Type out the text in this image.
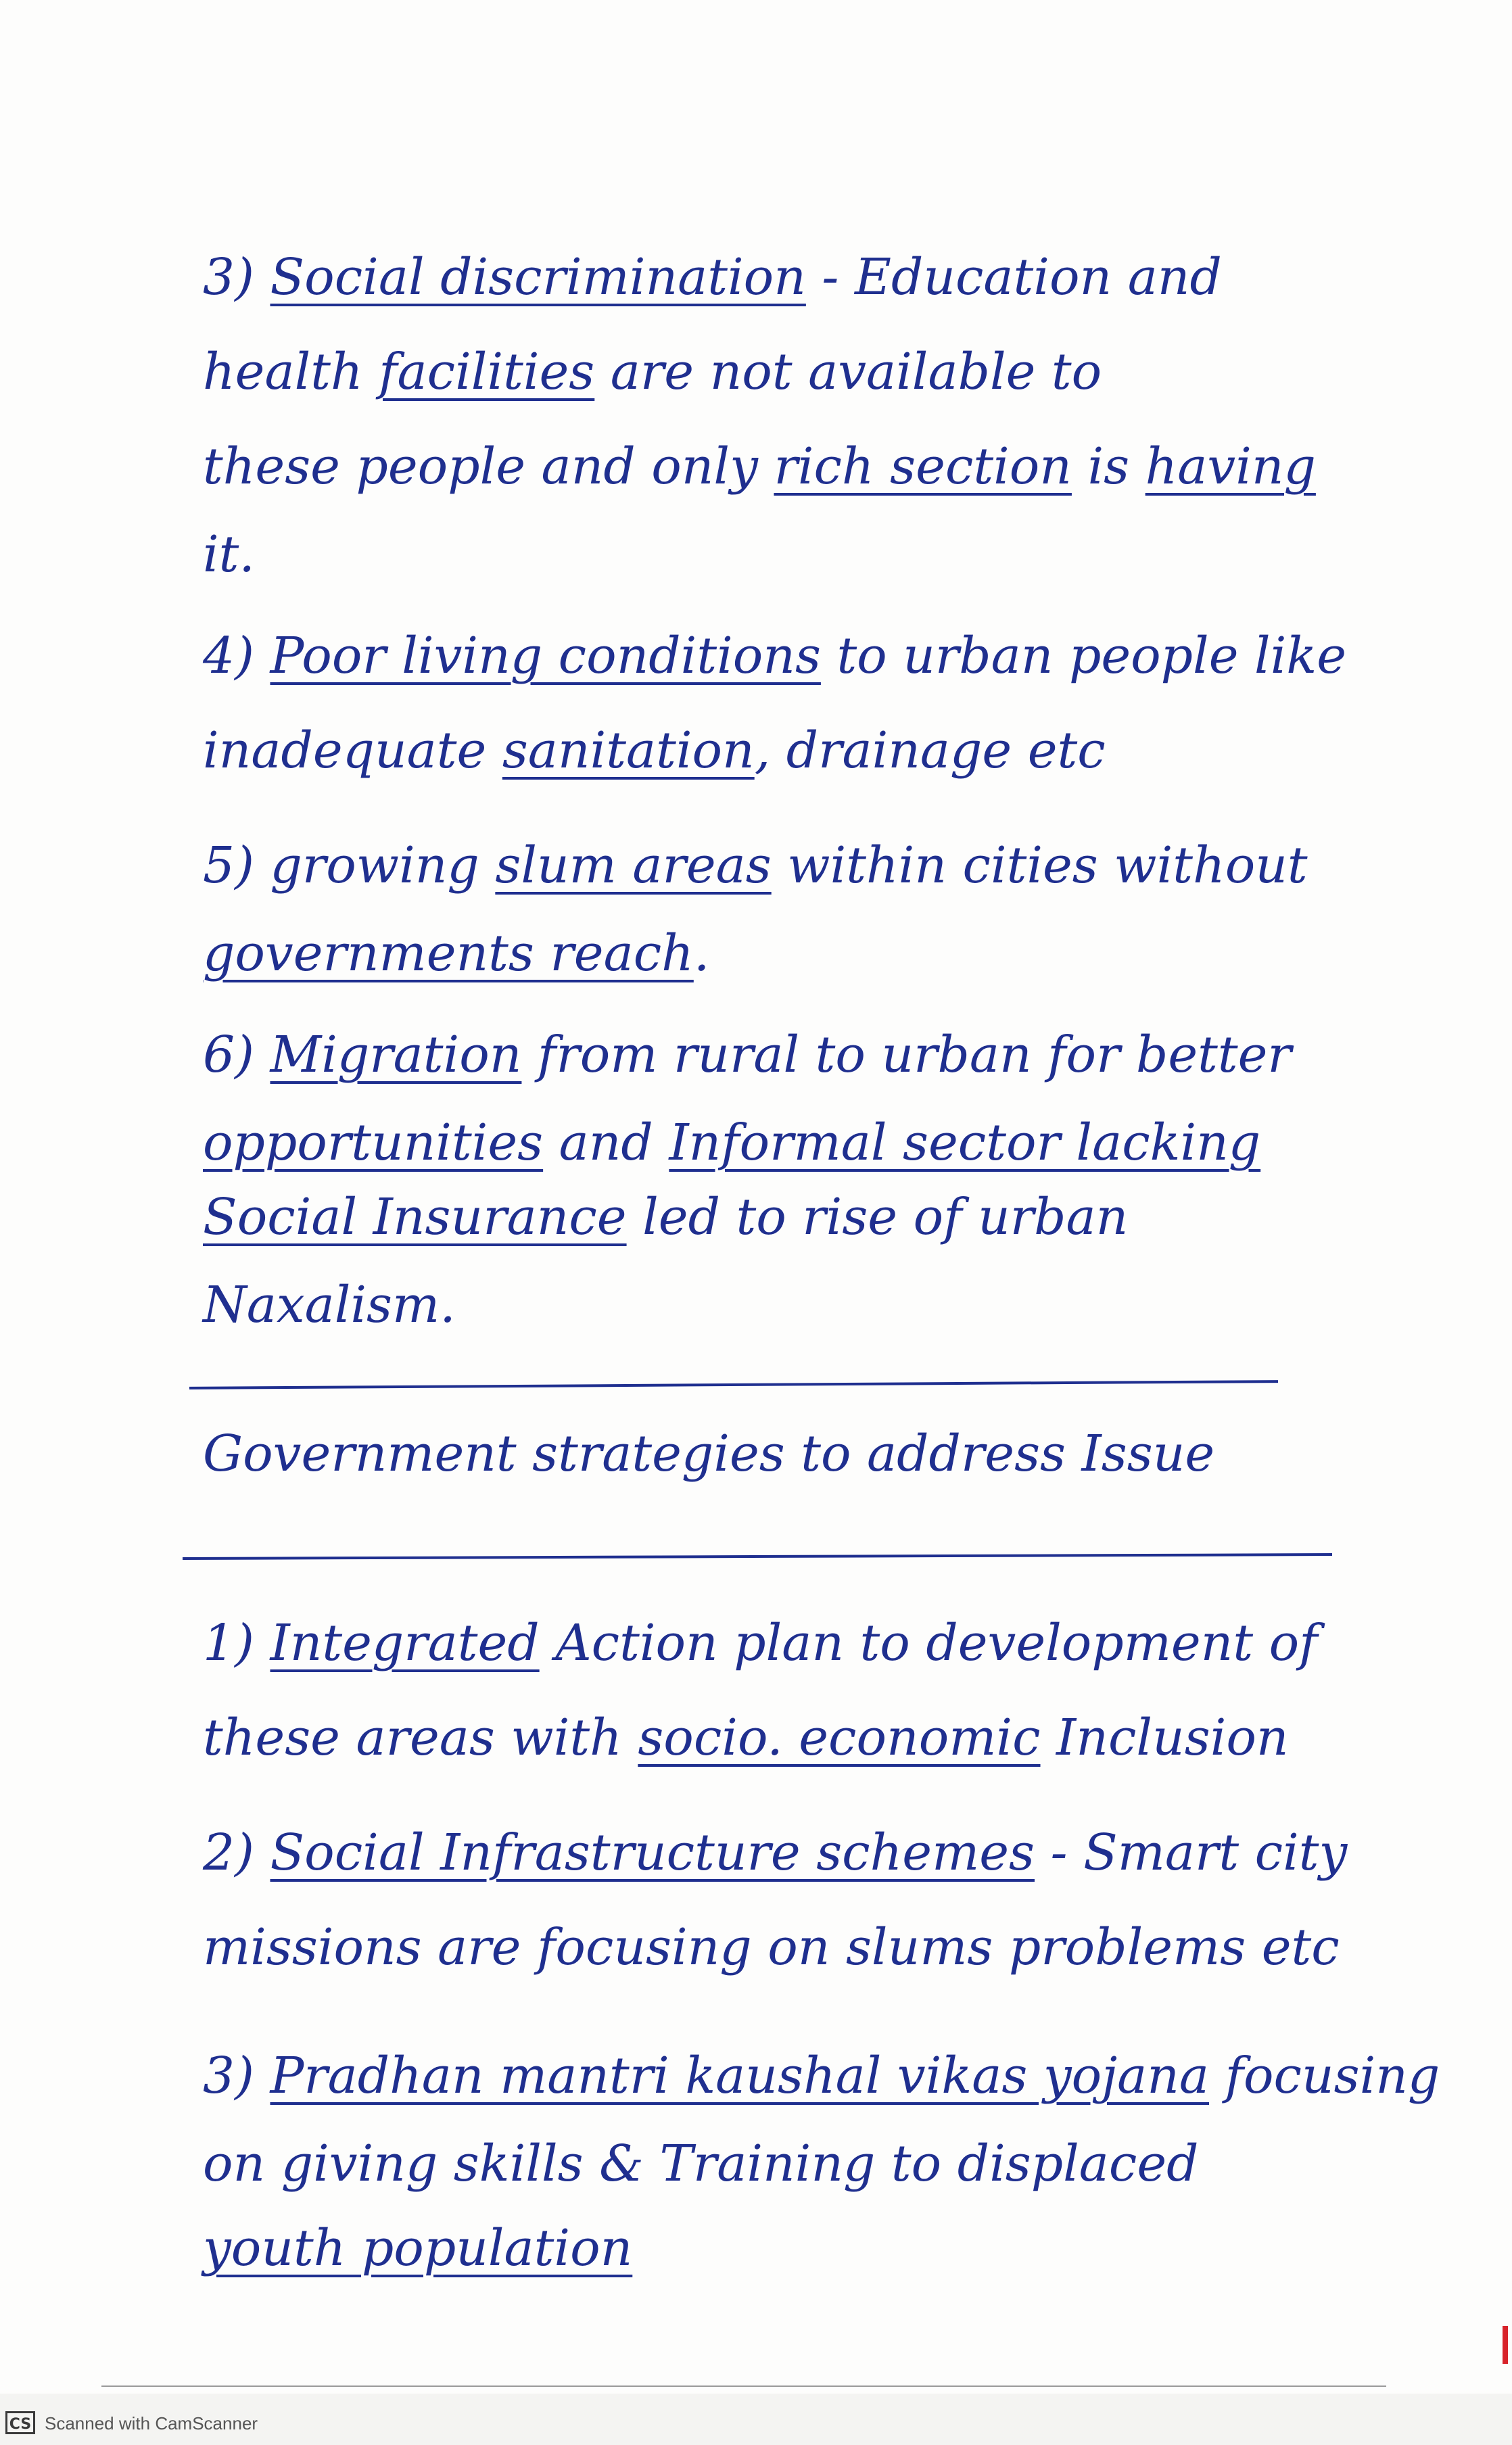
3) Social discrimination - Education and
health facilities are not available to
these people and only rich section is having
it.
4) Poor living conditions to urban people like
inadequate sanitation, drainage etc
5) growing slum areas within cities without
governments reach.
6) Migration from rural to urban for better
opportunities and Informal sector lacking
Social Insurance led to rise of urban
Naxalism.
Government strategies to address Issue
1) Integrated Action plan to development of
these areas with socio. economic Inclusion
2) Social Infrastructure schemes - Smart city
missions are focusing on slums problems etc
3) Pradhan mantri kaushal vikas yojana focusing
on giving skills & Training to displaced
youth population
CS Scanned with CamScanner
